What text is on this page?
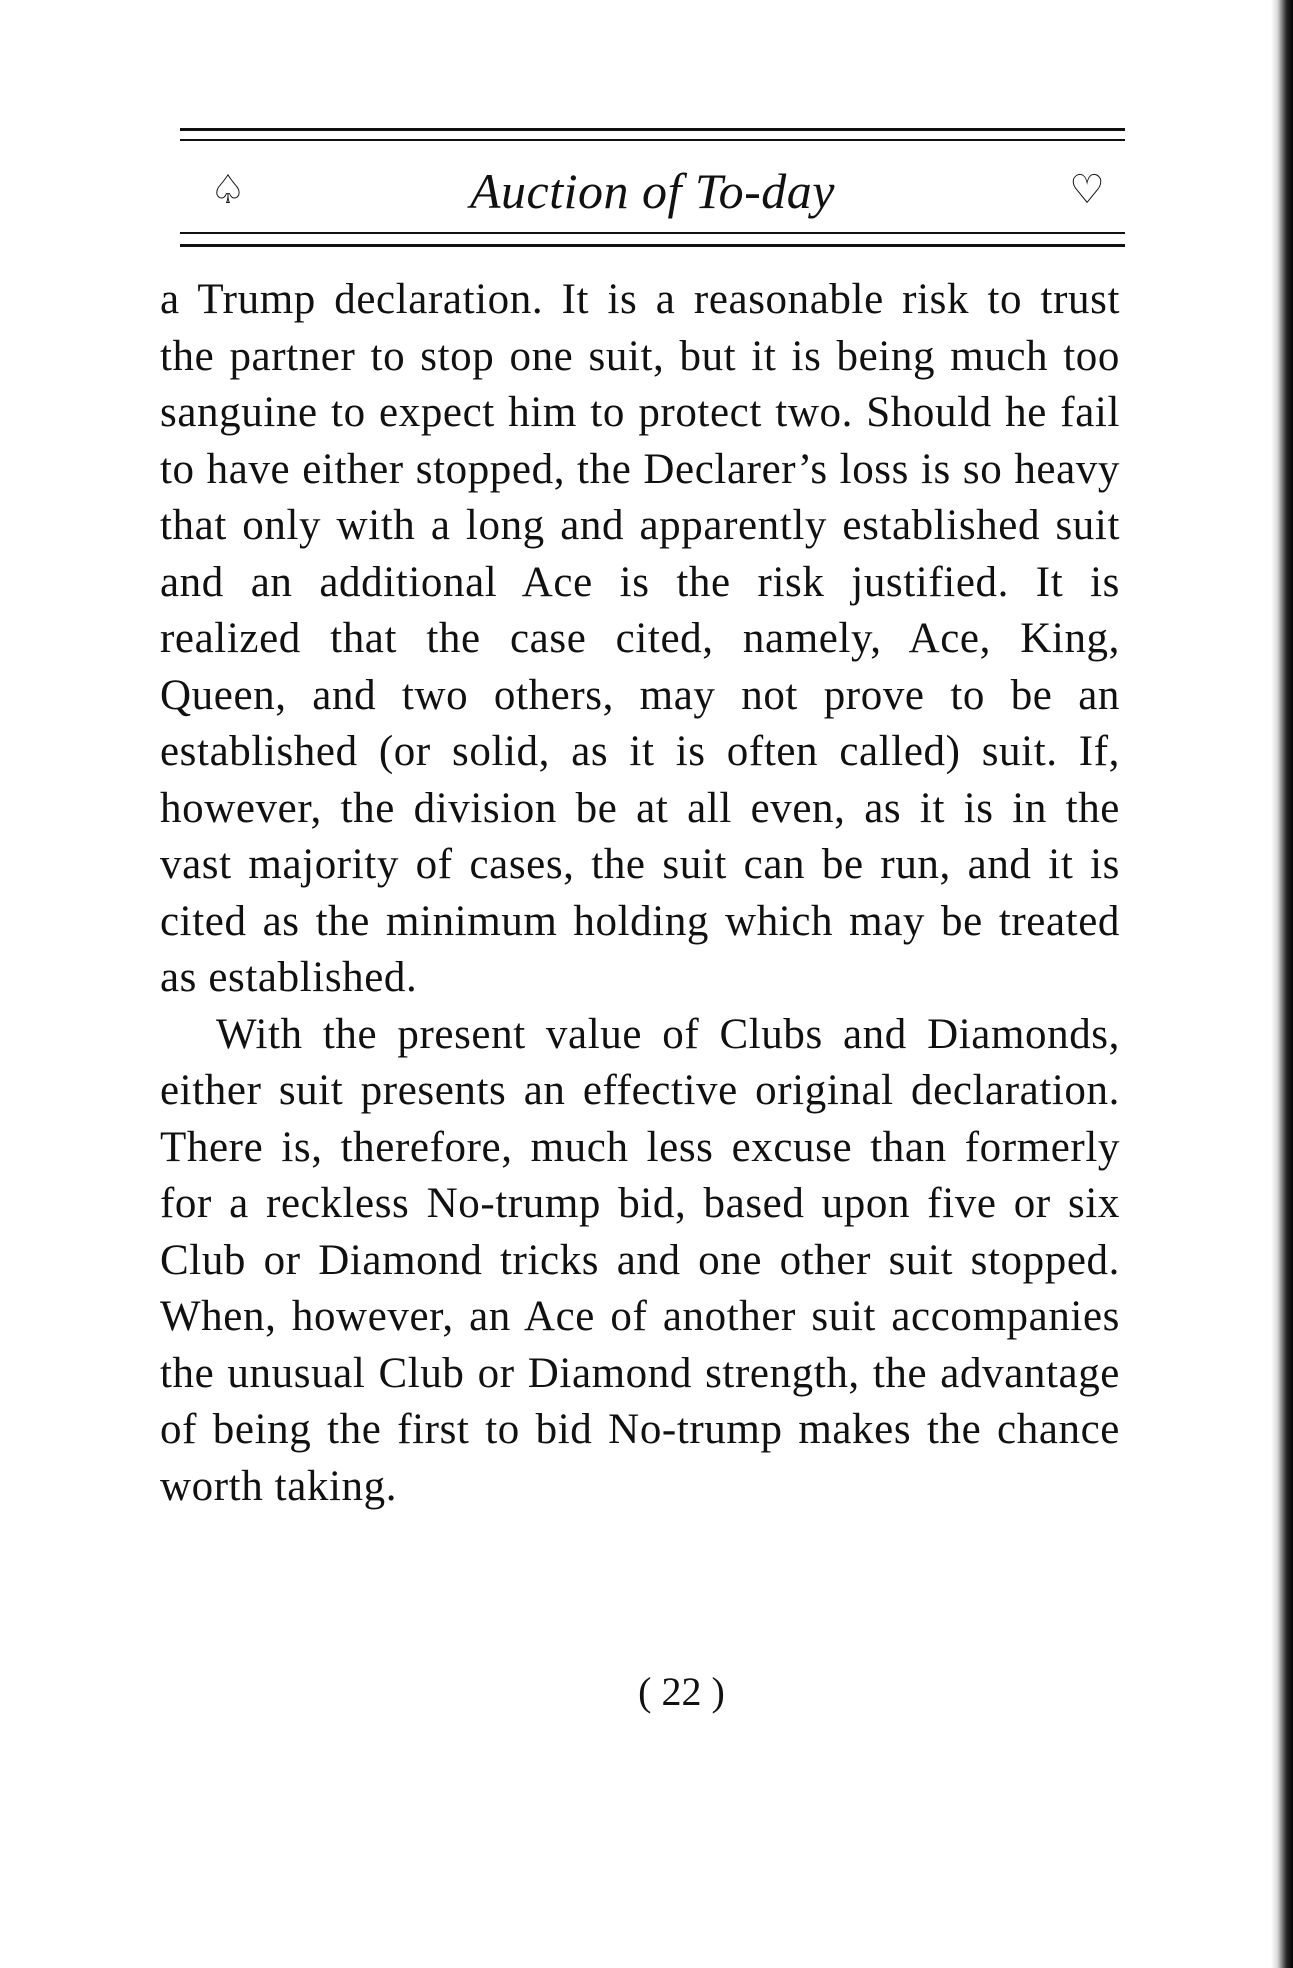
♤	Auction of To-day	♡

a Trump declaration. It is a reasonable risk to trust the partner to stop one suit, but it is being much too sanguine to expect him to protect two. Should he fail to have either stopped, the Declarer’s loss is so heavy that only with a long and apparently established suit and an additional Ace is the risk justified. It is realized that the case cited, namely, Ace, King, Queen, and two others, may not prove to be an established (or solid, as it is often called) suit. If, however, the division be at all even, as it is in the vast majority of cases, the suit can be run, and it is cited as the minimum holding which may be treated as established.

With the present value of Clubs and Diamonds, either suit presents an effective original declaration. There is, therefore, much less excuse than formerly for a reckless No-trump bid, based upon five or six Club or Diamond tricks and one other suit stopped. When, however, an Ace of another suit accompanies the unusual Club or Diamond strength, the advantage of being the first to bid No-trump makes the chance worth taking.

( 22 )
